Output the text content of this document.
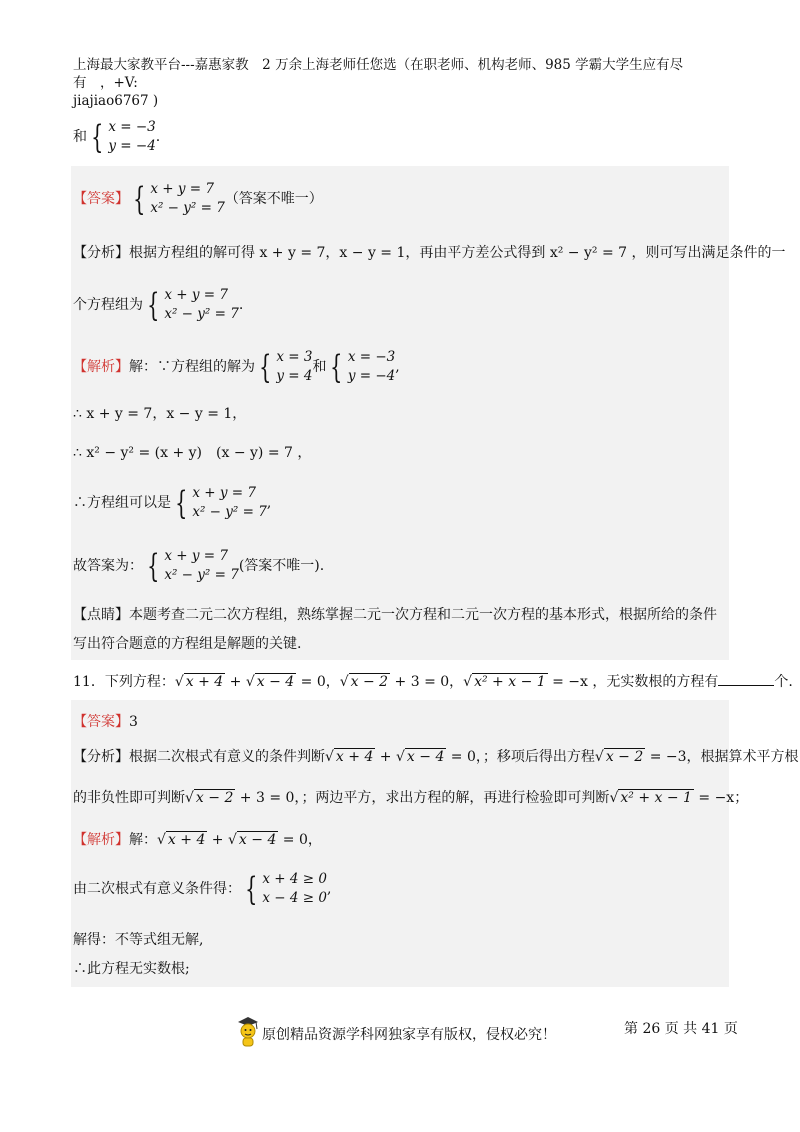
上海最大家教平台---嘉惠家教　2 万余上海老师任您选（在职老师、机构老师、985 学霸大学生应有尽有　，+V:
jiajiao6767 )
和 { x = −3
y = −4
.
【答案】 { x + y = 7
x² − y² = 7
（答案不唯一）
【分析】根据方程组的解可得 x + y = 7，x − y = 1，再由平方差公式得到 x² − y² = 7 ，则可写出满足条件的一
个方程组为 { x + y = 7
x² − y² = 7
.
【解析】解：∵方程组的解为 { x = 3
y = 4
和 { x = −3
y = −4
,
∴ x + y = 7，x − y = 1，
∴ x² − y² = (x + y)　(x − y) = 7 ，
∴方程组可以是 { x + y = 7
x² − y² = 7
,
故答案为： { x + y = 7
x² − y² = 7
(答案不唯一).
【点睛】本题考查二元二次方程组，熟练掌握二元一次方程和二元一次方程的基本形式，根据所给的条件
写出符合题意的方程组是解题的关键.
11．下列方程：√ x + 4 + √ x − 4 = 0，√ x − 2 + 3 = 0，√ x² + x − 1 = −x ，无实数根的方程有	个.
【答案】3
【分析】根据二次根式有意义的条件判断√ x + 4 + √ x − 4 = 0，；移项后得出方程√ x − 2 = −3，根据算术平方根
的非负性即可判断√ x − 2 + 3 = 0，；两边平方，求出方程的解，再进行检验即可判断√ x² + x − 1 = −x；
【解析】解：√ x + 4 + √ x − 4 = 0，
由二次根式有意义条件得： { x + 4 ≥ 0
x − 4 ≥ 0
,
解得：不等式组无解,
∴此方程无实数根;
原创精品资源学科网独家享有版权，侵权必究！	第 26 页 共 41 页
